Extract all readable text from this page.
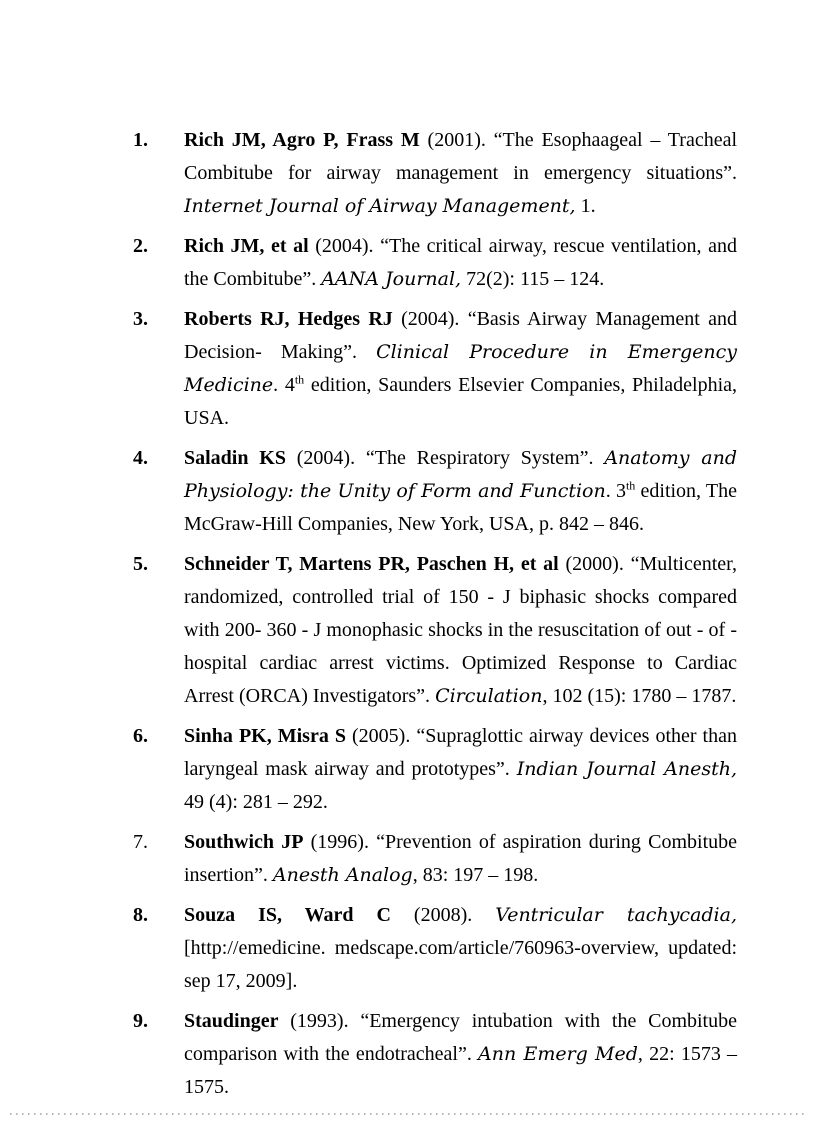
1. Rich JM, Agro P, Frass M (2001). “The Esophaageal – Tracheal Combitube for airway management in emergency situations”. Internet Journal of Airway Management, 1.
2. Rich JM, et al (2004). “The critical airway, rescue ventilation, and the Combitube”. AANA Journal, 72(2): 115 – 124.
3. Roberts RJ, Hedges RJ (2004). “Basis Airway Management and Decision- Making”. Clinical Procedure in Emergency Medicine. 4th edition, Saunders Elsevier Companies, Philadelphia, USA.
4. Saladin KS (2004). “The Respiratory System”. Anatomy and Physiology: the Unity of Form and Function. 3th edition, The McGraw-Hill Companies, New York, USA, p. 842 – 846.
5. Schneider T, Martens PR, Paschen H, et al (2000). “Multicenter, randomized, controlled trial of 150 - J biphasic shocks compared with 200- 360 - J monophasic shocks in the resuscitation of out - of - hospital cardiac arrest victims. Optimized Response to Cardiac Arrest (ORCA) Investigators”. Circulation, 102 (15): 1780 – 1787.
6. Sinha PK, Misra S (2005). “Supraglottic airway devices other than laryngeal mask airway and prototypes”. Indian Journal Anesth, 49 (4): 281 – 292.
7. Southwich JP (1996). “Prevention of aspiration during Combitube insertion”. Anesth Analog, 83: 197 – 198.
8. Souza IS, Ward C (2008). Ventricular tachycadia, [http://emedicine. medscape.com/article/760963-overview, updated: sep 17, 2009].
9. Staudinger (1993). “Emergency intubation with the Combitube comparison with the endotracheal”. Ann Emerg Med, 22: 1573 – 1575.
